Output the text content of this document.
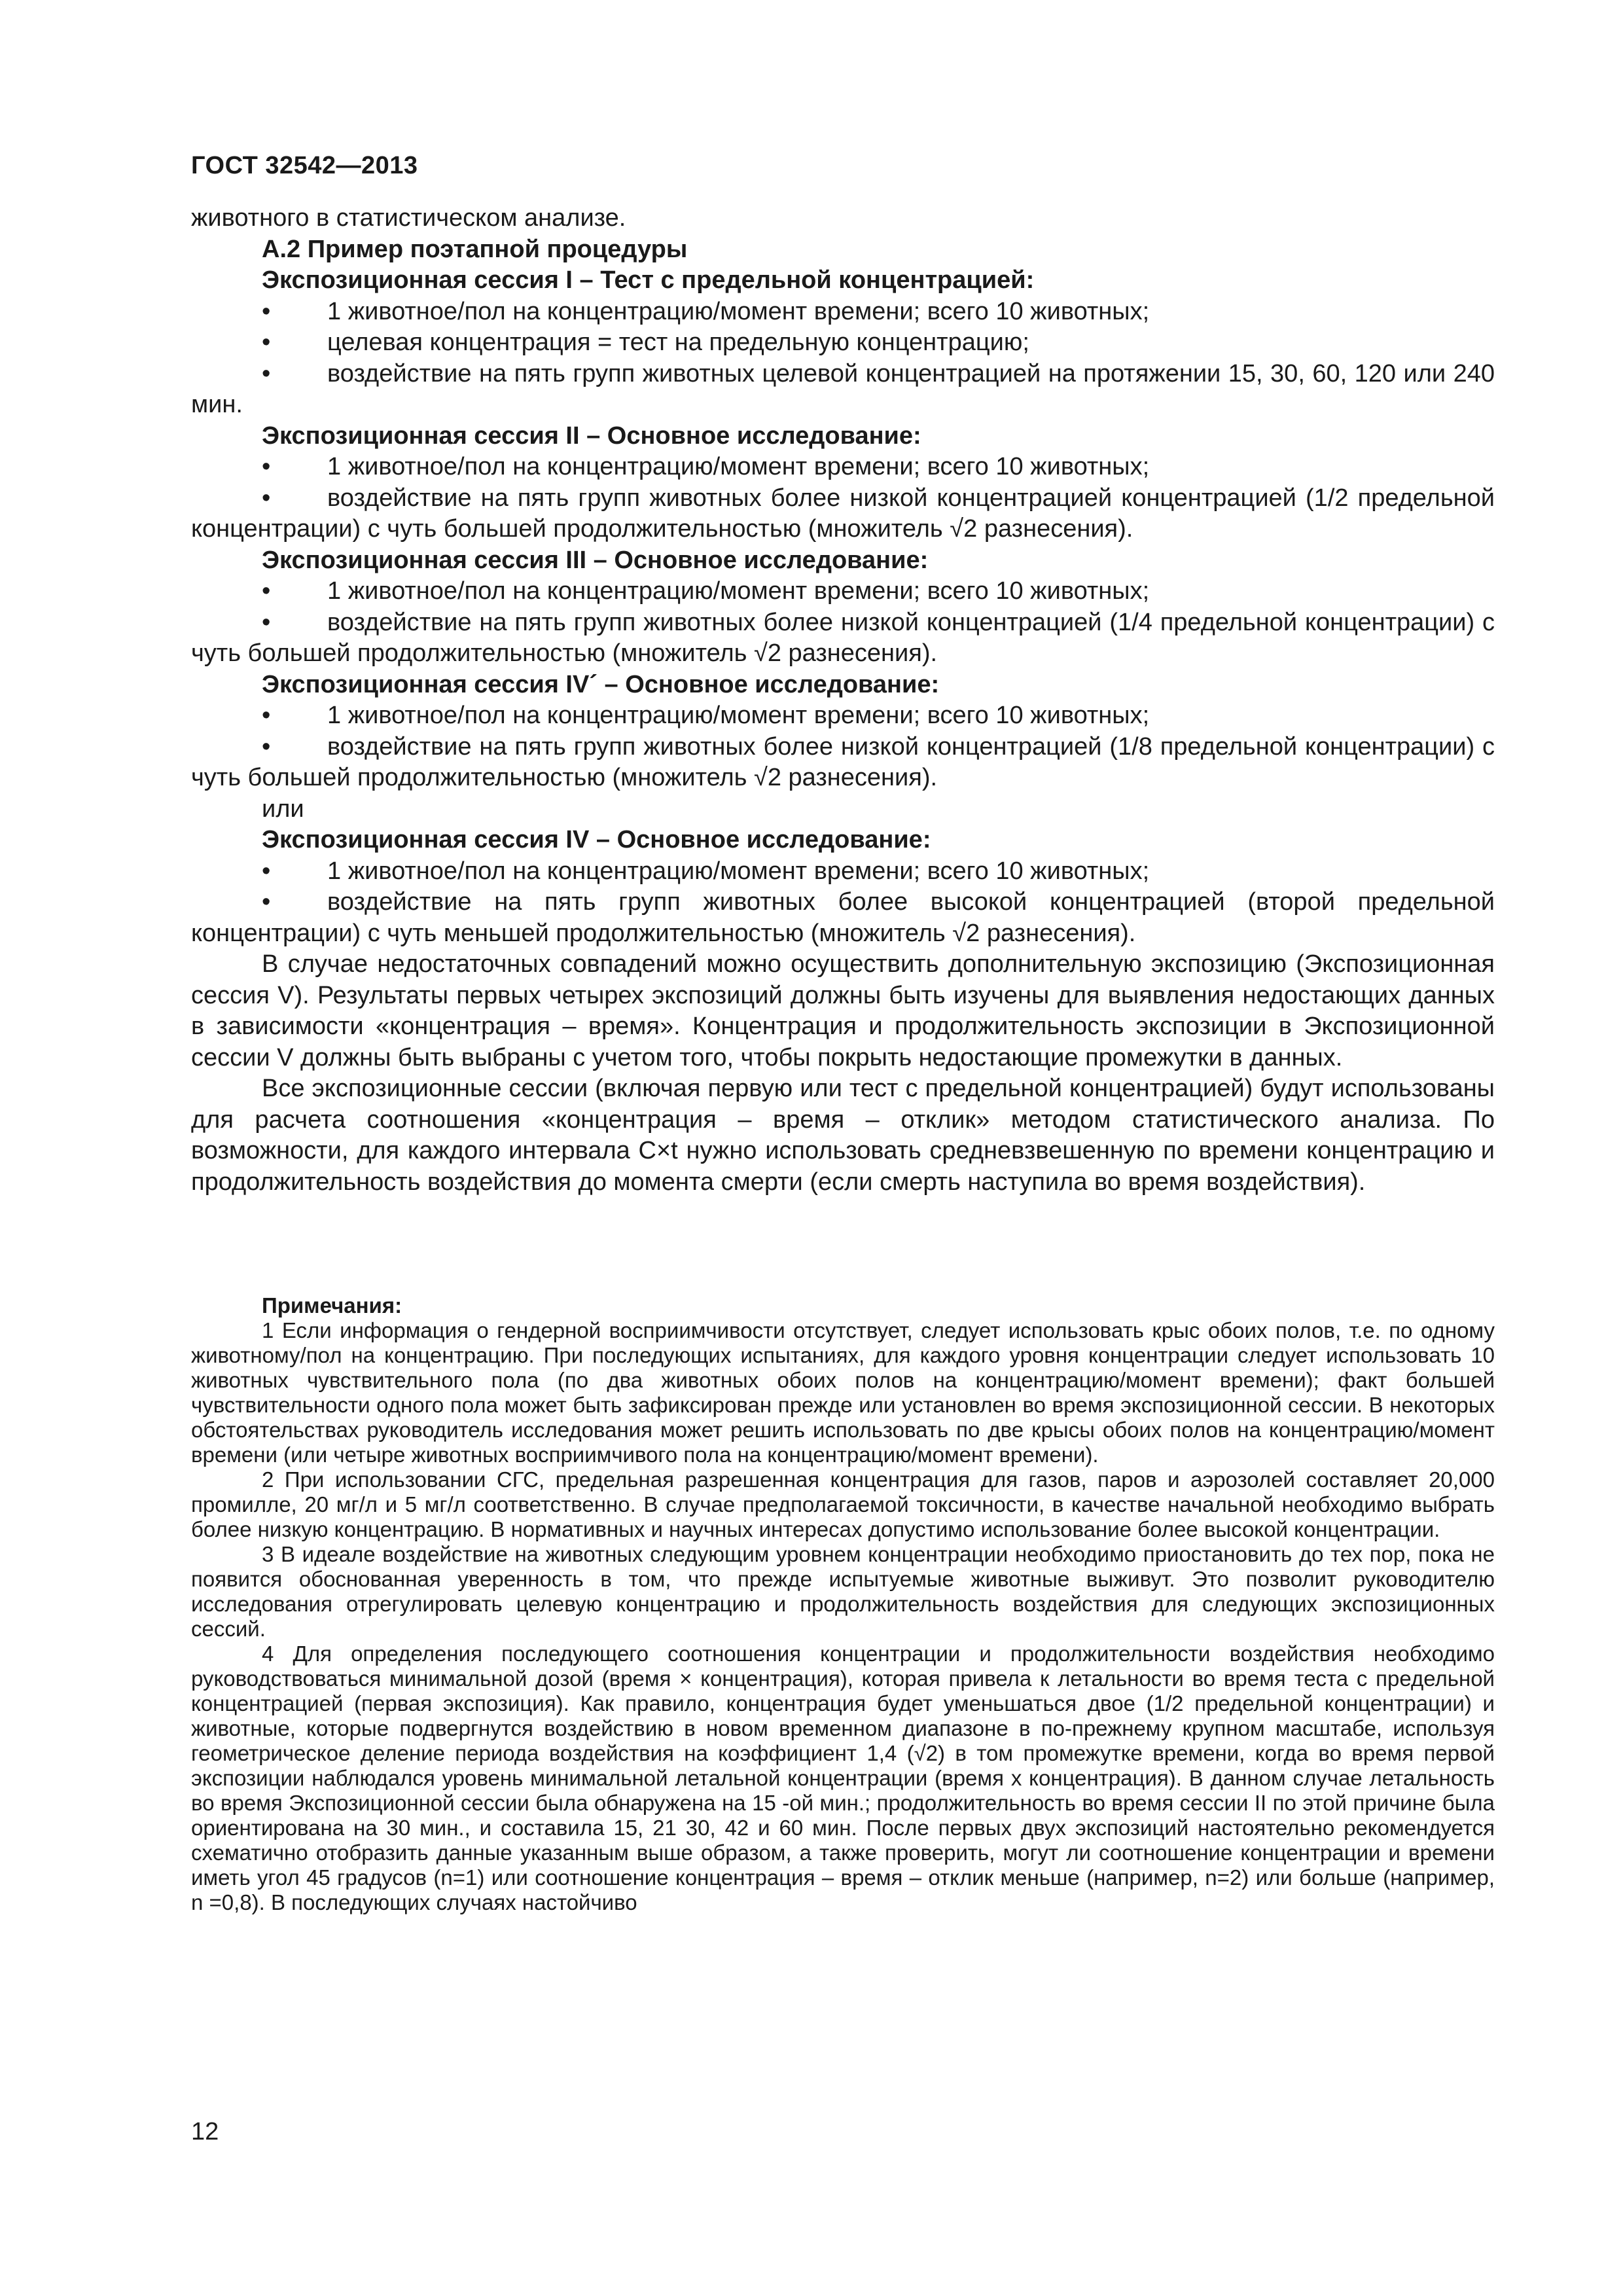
ГОСТ 32542—2013

животного в статистическом анализе.

А.2 Пример поэтапной процедуры

Экспозиционная сессия I – Тест с предельной концентрацией:

• 1 животное/пол на концентрацию/момент времени; всего 10 животных;

• целевая концентрация = тест на предельную концентрацию;

• воздействие на пять групп животных целевой концентрацией на протяжении 15, 30, 60, 120 или 240 мин.

Экспозиционная сессия II – Основное исследование:

• 1 животное/пол на концентрацию/момент времени; всего 10 животных;

• воздействие на пять групп животных более низкой концентрацией концентрацией (1/2 предельной концентрации) с чуть большей продолжительностью (множитель √2 разнесения).

Экспозиционная сессия III – Основное исследование:

• 1 животное/пол на концентрацию/момент времени; всего 10 животных;

• воздействие на пять групп животных более низкой концентрацией (1/4 предельной концентрации) с чуть большей продолжительностью (множитель √2 разнесения).

Экспозиционная сессия IV´ – Основное исследование:

• 1 животное/пол на концентрацию/момент времени; всего 10 животных;

• воздействие на пять групп животных более низкой концентрацией (1/8 предельной концентрации) с чуть большей продолжительностью (множитель √2 разнесения).

или

Экспозиционная сессия IV – Основное исследование:

• 1 животное/пол на концентрацию/момент времени; всего 10 животных;

• воздействие на пять групп животных более высокой концентрацией (второй предельной концентрации) с чуть меньшей продолжительностью (множитель √2 разнесения).

В случае недостаточных совпадений можно осуществить дополнительную экспозицию (Экспозиционная сессия V). Результаты первых четырех экспозиций должны быть изучены для выявления недостающих данных в зависимости «концентрация – время». Концентрация и продолжительность экспозиции в Экспозиционной сессии V должны быть выбраны с учетом того, чтобы покрыть недостающие промежутки в данных.

Все экспозиционные сессии (включая первую или тест с предельной концентрацией) будут использованы для расчета соотношения «концентрация – время – отклик» методом статистического анализа. По возможности, для каждого интервала C×t нужно использовать средневзвешенную по времени концентрацию и продолжительность воздействия до момента смерти (если смерть наступила во время воздействия).

Примечания:

1 Если информация о гендерной восприимчивости отсутствует, следует использовать крыс обоих полов, т.е. по одному животному/пол на концентрацию. При последующих испытаниях, для каждого уровня концентрации следует использовать 10 животных чувствительного пола (по два животных обоих полов на концентрацию/момент времени); факт большей чувствительности одного пола может быть зафиксирован прежде или установлен во время экспозиционной сессии. В некоторых обстоятельствах руководитель исследования может решить использовать по две крысы обоих полов на концентрацию/момент времени (или четыре животных восприимчивого пола на концентрацию/момент времени).

2 При использовании СГС, предельная разрешенная концентрация для газов, паров и аэрозолей составляет 20,000 промилле, 20 мг/л и 5 мг/л соответственно. В случае предполагаемой токсичности, в качестве начальной необходимо выбрать более низкую концентрацию. В нормативных и научных интересах допустимо использование более высокой концентрации.

3 В идеале воздействие на животных следующим уровнем концентрации необходимо приостановить до тех пор, пока не появится обоснованная уверенность в том, что прежде испытуемые животные выживут. Это позволит руководителю исследования отрегулировать целевую концентрацию и продолжительность воздействия для следующих экспозиционных сессий.

4 Для определения последующего соотношения концентрации и продолжительности воздействия необходимо руководствоваться минимальной дозой (время × концентрация), которая привела к летальности во время теста с предельной концентрацией (первая экспозиция). Как правило, концентрация будет уменьшаться двое (1/2 предельной концентрации) и животные, которые подвергнутся воздействию в новом временном диапазоне в по-прежнему крупном масштабе, используя геометрическое деление периода воздействия на коэффициент 1,4 (√2) в том промежутке времени, когда во время первой экспозиции наблюдался уровень минимальной летальной концентрации (время x концентрация). В данном случае летальность во время Экспозиционной сессии была обнаружена на 15 -ой мин.; продолжительность во время сессии II по этой причине была ориентирована на 30 мин., и составила 15, 21 30, 42 и 60 мин. После первых двух экспозиций настоятельно рекомендуется схематично отобразить данные указанным выше образом, а также проверить, могут ли соотношение концентрации и времени иметь угол 45 градусов (n=1) или соотношение концентрация – время – отклик меньше (например, n=2) или больше (например, n =0,8). В последующих случаях настойчиво

12
